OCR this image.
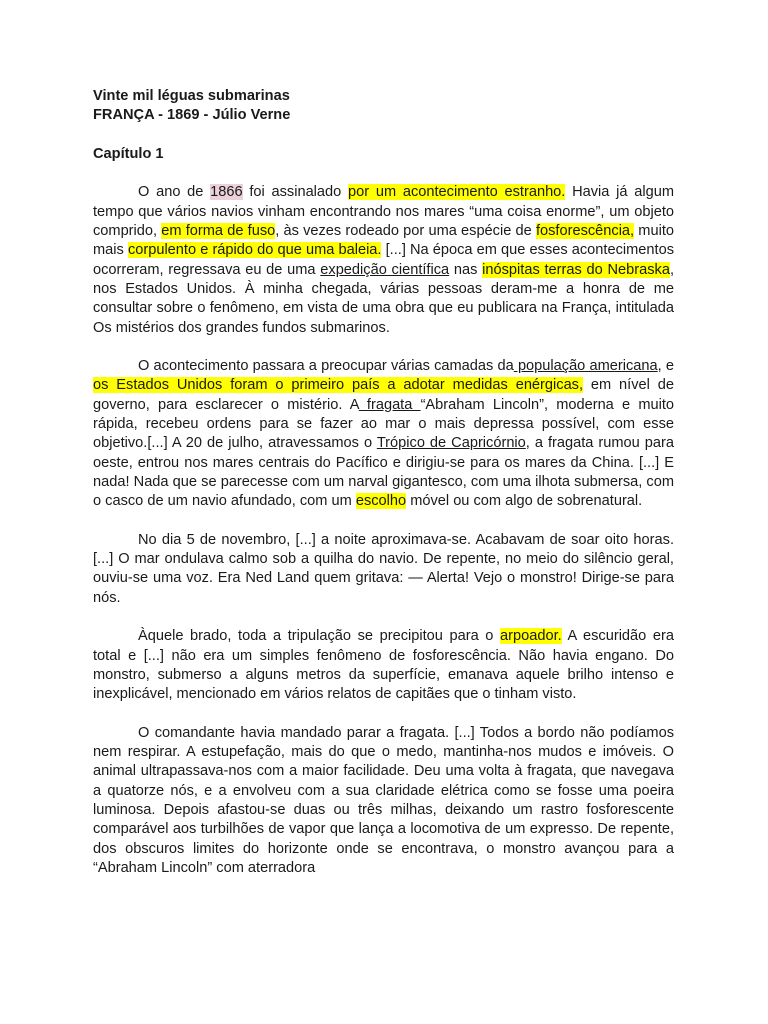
Vinte mil léguas submarinas

FRANÇA - 1869 - Júlio Verne

Capítulo 1

O ano de 1866 foi assinalado por um acontecimento estranho. Havia já algum tempo que vários navios vinham encontrando nos mares “uma coisa enorme”, um objeto comprido, em forma de fuso, às vezes rodeado por uma espécie de fosforescência, muito mais corpulento e rápido do que uma baleia. [...] Na época em que esses acontecimentos ocorreram, regressava eu de uma expedição científica nas inóspitas terras do Nebraska, nos Estados Unidos. À minha chegada, várias pessoas deram-me a honra de me consultar sobre o fenômeno, em vista de uma obra que eu publicara na França, intitulada Os mistérios dos grandes fundos submarinos.

O acontecimento passara a preocupar várias camadas da população americana, e os Estados Unidos foram o primeiro país a adotar medidas enérgicas, em nível de governo, para esclarecer o mistério. A fragata “Abraham Lincoln”, moderna e muito rápida, recebeu ordens para se fazer ao mar o mais depressa possível, com esse objetivo.[...] A 20 de julho, atravessamos o Trópico de Capricórnio, a fragata rumou para oeste, entrou nos mares centrais do Pacífico e dirigiu-se para os mares da China. [...] E nada! Nada que se parecesse com um narval gigantesco, com uma ilhota submersa, com o casco de um navio afundado, com um escolho móvel ou com algo de sobrenatural.

No dia 5 de novembro, [...] a noite aproximava-se. Acabavam de soar oito horas. [...] O mar ondulava calmo sob a quilha do navio. De repente, no meio do silêncio geral, ouviu-se uma voz. Era Ned Land quem gritava: — Alerta! Vejo o monstro! Dirige-se para nós.

Àquele brado, toda a tripulação se precipitou para o arpoador. A escuridão era total e [...] não era um simples fenômeno de fosforescência. Não havia engano. Do monstro, submerso a alguns metros da superfície, emanava aquele brilho intenso e inexplicável, mencionado em vários relatos de capitães que o tinham visto.

O comandante havia mandado parar a fragata. [...] Todos a bordo não podíamos nem respirar. A estupefação, mais do que o medo, mantinha-nos mudos e imóveis. O animal ultrapassava-nos com a maior facilidade. Deu uma volta à fragata, que navegava a quatorze nós, e a envolveu com a sua claridade elétrica como se fosse uma poeira luminosa. Depois afastou-se duas ou três milhas, deixando um rastro fosforescente comparável aos turbilhões de vapor que lança a locomotiva de um expresso. De repente, dos obscuros limites do horizonte onde se encontrava, o monstro avançou para a “Abraham Lincoln” com aterradora
